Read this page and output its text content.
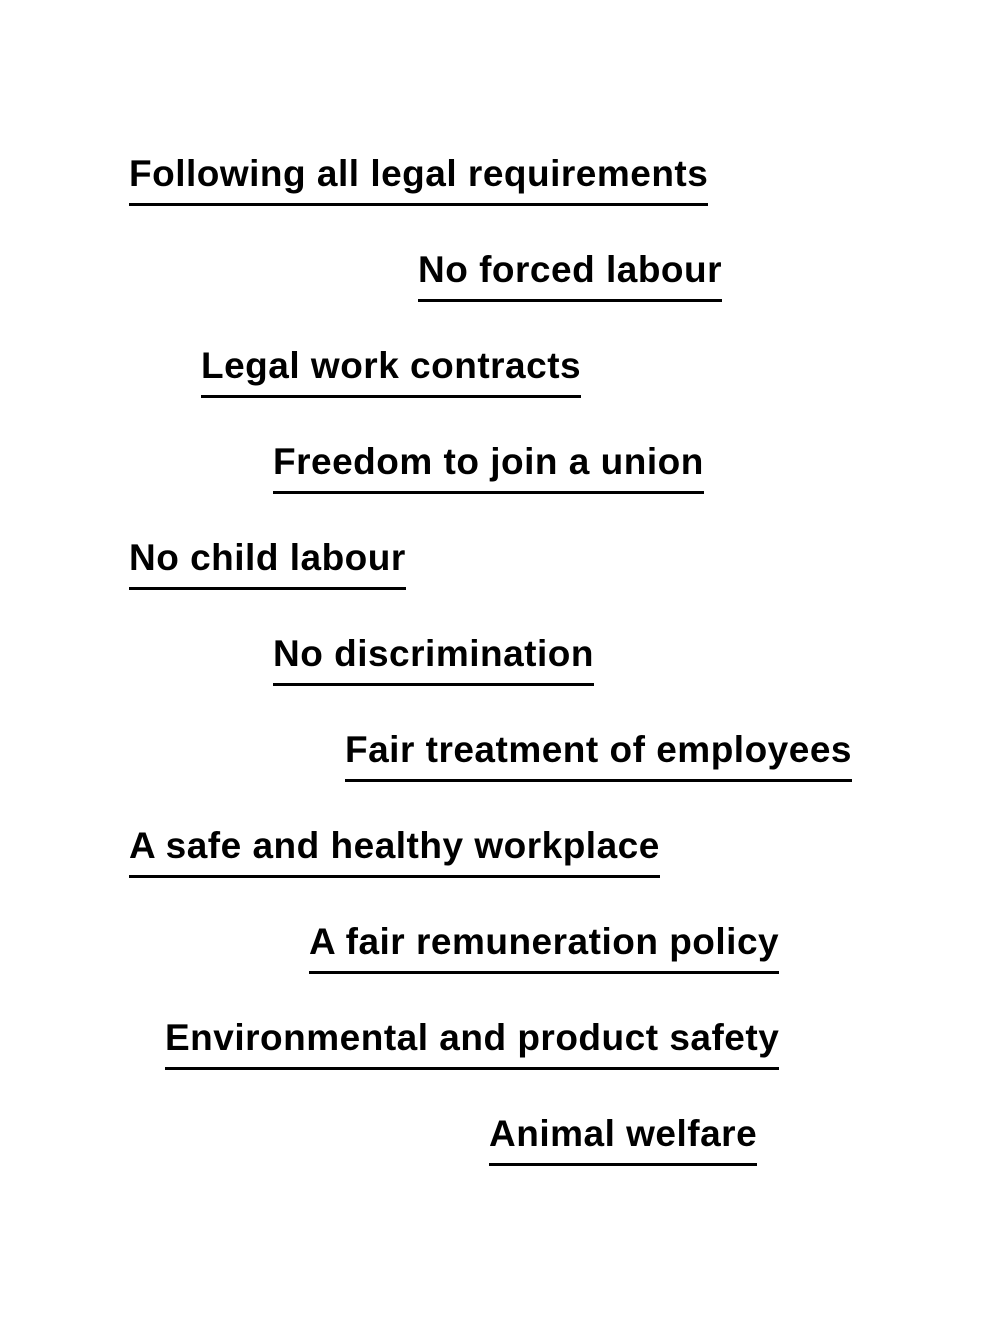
Following all legal requirements
No forced labour
Legal work contracts
Freedom to join a union
No child labour
No discrimination
Fair treatment of employees
A safe and healthy workplace
A fair remuneration policy
Environmental and product safety
Animal welfare
